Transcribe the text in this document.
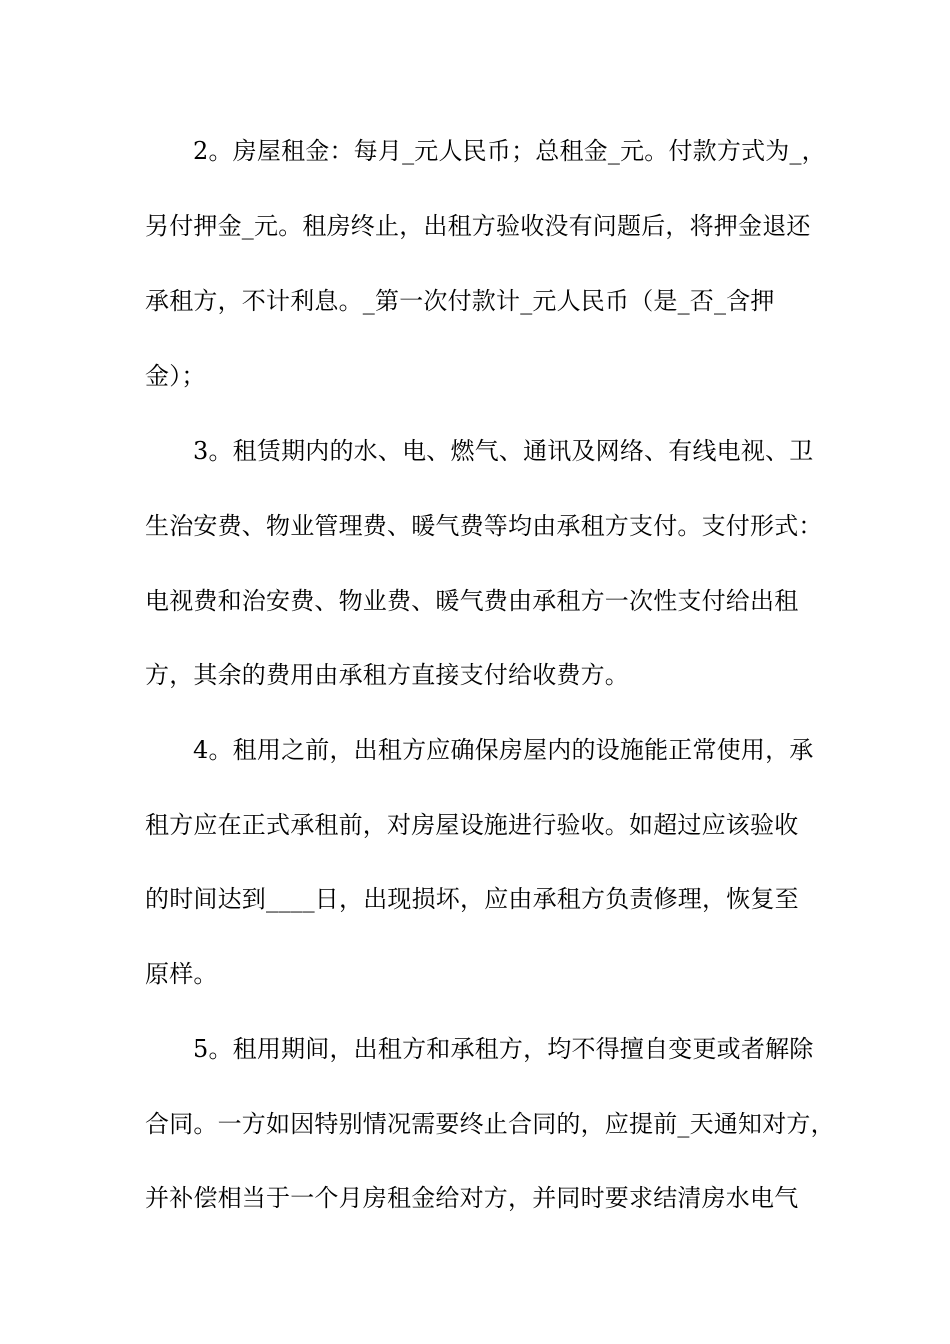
2。房屋租金：每月_元人民币；总租金_元。付款方式为_，
另付押金_元。租房终止，出租方验收没有问题后，将押金退还
承租方，不计利息。_第一次付款计_元人民币（是_否_含押
金）；
3。租赁期内的水、电、燃气、通讯及网络、有线电视、卫
生治安费、物业管理费、暖气费等均由承租方支付。支付形式：
电视费和治安费、物业费、暖气费由承租方一次性支付给出租
方，其余的费用由承租方直接支付给收费方。
4。租用之前，出租方应确保房屋内的设施能正常使用，承
租方应在正式承租前，对房屋设施进行验收。如超过应该验收
的时间达到____日，出现损坏，应由承租方负责修理，恢复至
原样。
5。租用期间，出租方和承租方，均不得擅自变更或者解除
合同。一方如因特别情况需要终止合同的，应提前_天通知对方，
并补偿相当于一个月房租金给对方，并同时要求结清房水电气
